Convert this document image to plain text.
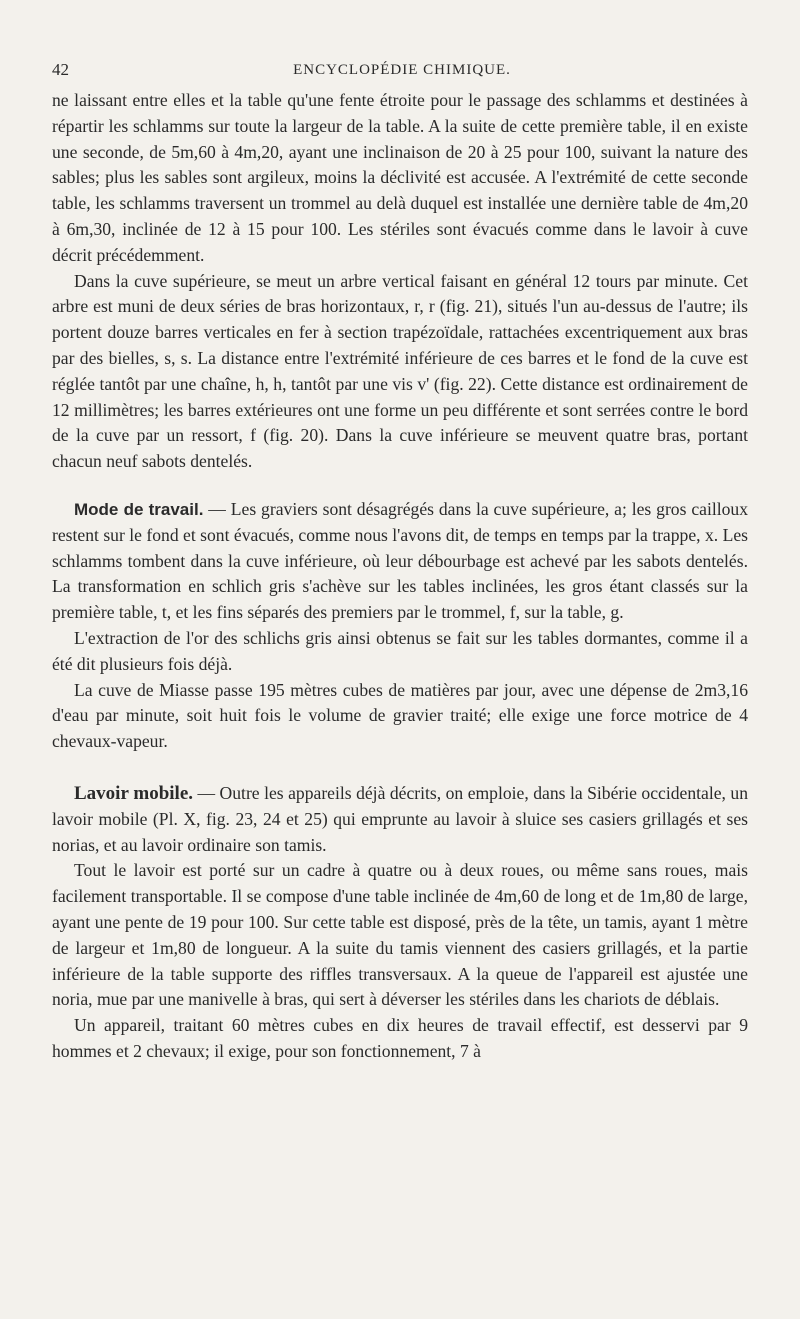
42	ENCYCLOPÉDIE CHIMIQUE.

ne laissant entre elles et la table qu'une fente étroite pour le passage des schlamms et destinées à répartir les schlamms sur toute la largeur de la table. A la suite de cette première table, il en existe une seconde, de 5m,60 à 4m,20, ayant une inclinaison de 20 à 25 pour 100, suivant la nature des sables; plus les sables sont argileux, moins la déclivité est accusée. A l'extrémité de cette seconde table, les schlamms traversent un trommel au delà duquel est installée une dernière table de 4m,20 à 6m,30, inclinée de 12 à 15 pour 100. Les stériles sont évacués comme dans le lavoir à cuve décrit précédemment.

Dans la cuve supérieure, se meut un arbre vertical faisant en général 12 tours par minute. Cet arbre est muni de deux séries de bras horizontaux, r, r (fig. 21), situés l'un au-dessus de l'autre; ils portent douze barres verticales en fer à section trapézoïdale, rattachées excentriquement aux bras par des bielles, s, s. La distance entre l'extrémité inférieure de ces barres et le fond de la cuve est réglée tantôt par une chaîne, h, h, tantôt par une vis v' (fig. 22). Cette distance est ordinairement de 12 millimètres; les barres extérieures ont une forme un peu différente et sont serrées contre le bord de la cuve par un ressort, f (fig. 20). Dans la cuve inférieure se meuvent quatre bras, portant chacun neuf sabots dentelés.

Mode de travail. — Les graviers sont désagrégés dans la cuve supérieure, a; les gros cailloux restent sur le fond et sont évacués, comme nous l'avons dit, de temps en temps par la trappe, x. Les schlamms tombent dans la cuve inférieure, où leur débourbage est achevé par les sabots dentelés. La transformation en schlich gris s'achève sur les tables inclinées, les gros étant classés sur la première table, t, et les fins séparés des premiers par le trommel, f, sur la table, g.

L'extraction de l'or des schlichs gris ainsi obtenus se fait sur les tables dormantes, comme il a été dit plusieurs fois déjà.

La cuve de Miasse passe 195 mètres cubes de matières par jour, avec une dépense de 2m3,16 d'eau par minute, soit huit fois le volume de gravier traité; elle exige une force motrice de 4 chevaux-vapeur.

Lavoir mobile. — Outre les appareils déjà décrits, on emploie, dans la Sibérie occidentale, un lavoir mobile (Pl. X, fig. 23, 24 et 25) qui emprunte au lavoir à sluice ses casiers grillagés et ses norias, et au lavoir ordinaire son tamis.

Tout le lavoir est porté sur un cadre à quatre ou à deux roues, ou même sans roues, mais facilement transportable. Il se compose d'une table inclinée de 4m,60 de long et de 1m,80 de large, ayant une pente de 19 pour 100. Sur cette table est disposé, près de la tête, un tamis, ayant 1 mètre de largeur et 1m,80 de longueur. A la suite du tamis viennent des casiers grillagés, et la partie inférieure de la table supporte des riffles transversaux. A la queue de l'appareil est ajustée une noria, mue par une manivelle à bras, qui sert à déverser les stériles dans les chariots de déblais.

Un appareil, traitant 60 mètres cubes en dix heures de travail effectif, est desservi par 9 hommes et 2 chevaux; il exige, pour son fonctionnement, 7 à
